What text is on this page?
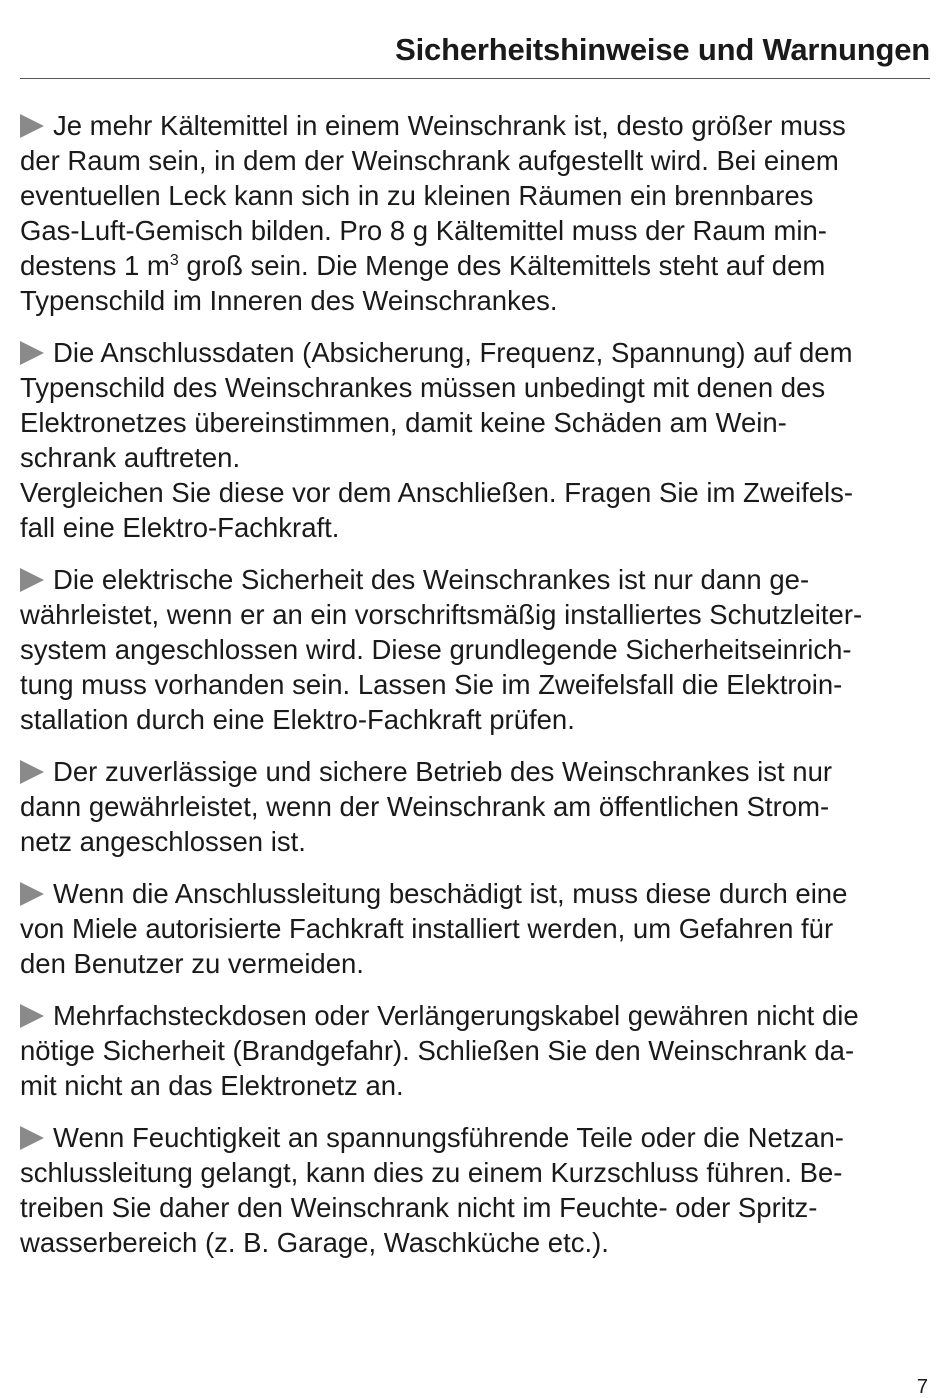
Sicherheitshinweise und Warnungen

Je mehr Kältemittel in einem Weinschrank ist, desto größer muss
der Raum sein, in dem der Weinschrank aufgestellt wird. Bei einem
eventuellen Leck kann sich in zu kleinen Räumen ein brennbares
Gas-Luft-Gemisch bilden. Pro 8 g Kältemittel muss der Raum min-
destens 1 $m^3$ groß sein. Die Menge des Kältemittels steht auf dem
Typenschild im Inneren des Weinschrankes.

Die Anschlussdaten (Absicherung, Frequenz, Spannung) auf dem
Typenschild des Weinschrankes müssen unbedingt mit denen des
Elektronetzes übereinstimmen, damit keine Schäden am Wein-
schrank auftreten.
Vergleichen Sie diese vor dem Anschließen. Fragen Sie im Zweifels-
fall eine Elektro-Fachkraft.

Die elektrische Sicherheit des Weinschrankes ist nur dann ge-
währleistet, wenn er an ein vorschriftsmäßig installiertes Schutzleiter-
system angeschlossen wird. Diese grundlegende Sicherheitseinrich-
tung muss vorhanden sein. Lassen Sie im Zweifelsfall die Elektroin-
stallation durch eine Elektro-Fachkraft prüfen.

Der zuverlässige und sichere Betrieb des Weinschrankes ist nur
dann gewährleistet, wenn der Weinschrank am öffentlichen Strom-
netz angeschlossen ist.

Wenn die Anschlussleitung beschädigt ist, muss diese durch eine
von Miele autorisierte Fachkraft installiert werden, um Gefahren für
den Benutzer zu vermeiden.

Mehrfachsteckdosen oder Verlängerungskabel gewähren nicht die
nötige Sicherheit (Brandgefahr). Schließen Sie den Weinschrank da-
mit nicht an das Elektronetz an.

Wenn Feuchtigkeit an spannungsführende Teile oder die Netzan-
schlussleitung gelangt, kann dies zu einem Kurzschluss führen. Be-
treiben Sie daher den Weinschrank nicht im Feuchte- oder Spritz-
wasserbereich (z. B. Garage, Waschküche etc.).

7
